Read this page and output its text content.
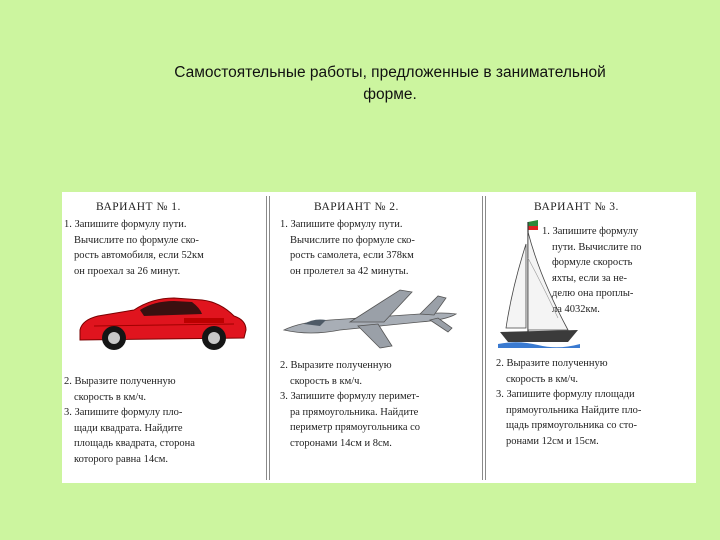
Самостоятельные работы, предложенные в занимательной
форме.
ВАРИАНТ № 1.
1. Запишите формулу пути.
Вычислите по формуле ско-
рость автомобиля, если 52км
он проехал за 26 минут.
2. Выразите полученную
скорость в км/ч.
3. Запишите формулу пло-
щади квадрата. Найдите
площадь квадрата, сторона
которого равна 14см.
ВАРИАНТ № 2.
1. Запишите формулу пути.
Вычислите по формуле ско-
рость самолета, если 378км
он пролетел за 42 минуты.
2. Выразите полученную
скорость в км/ч.
3. Запишите формулу перимет-
ра прямоугольника. Найдите
периметр прямоугольника со
сторонами 14см и 8см.
ВАРИАНТ № 3.
1. Запишите формулу
пути. Вычислите по
формуле скорость
яхты, если за не-
делю она проплы-
ла 4032км.
2. Выразите полученную
скорость в км/ч.
3. Запишите формулу площади
прямоугольника Найдите пло-
щадь прямоугольника со сто-
ронами 12см и 15см.
